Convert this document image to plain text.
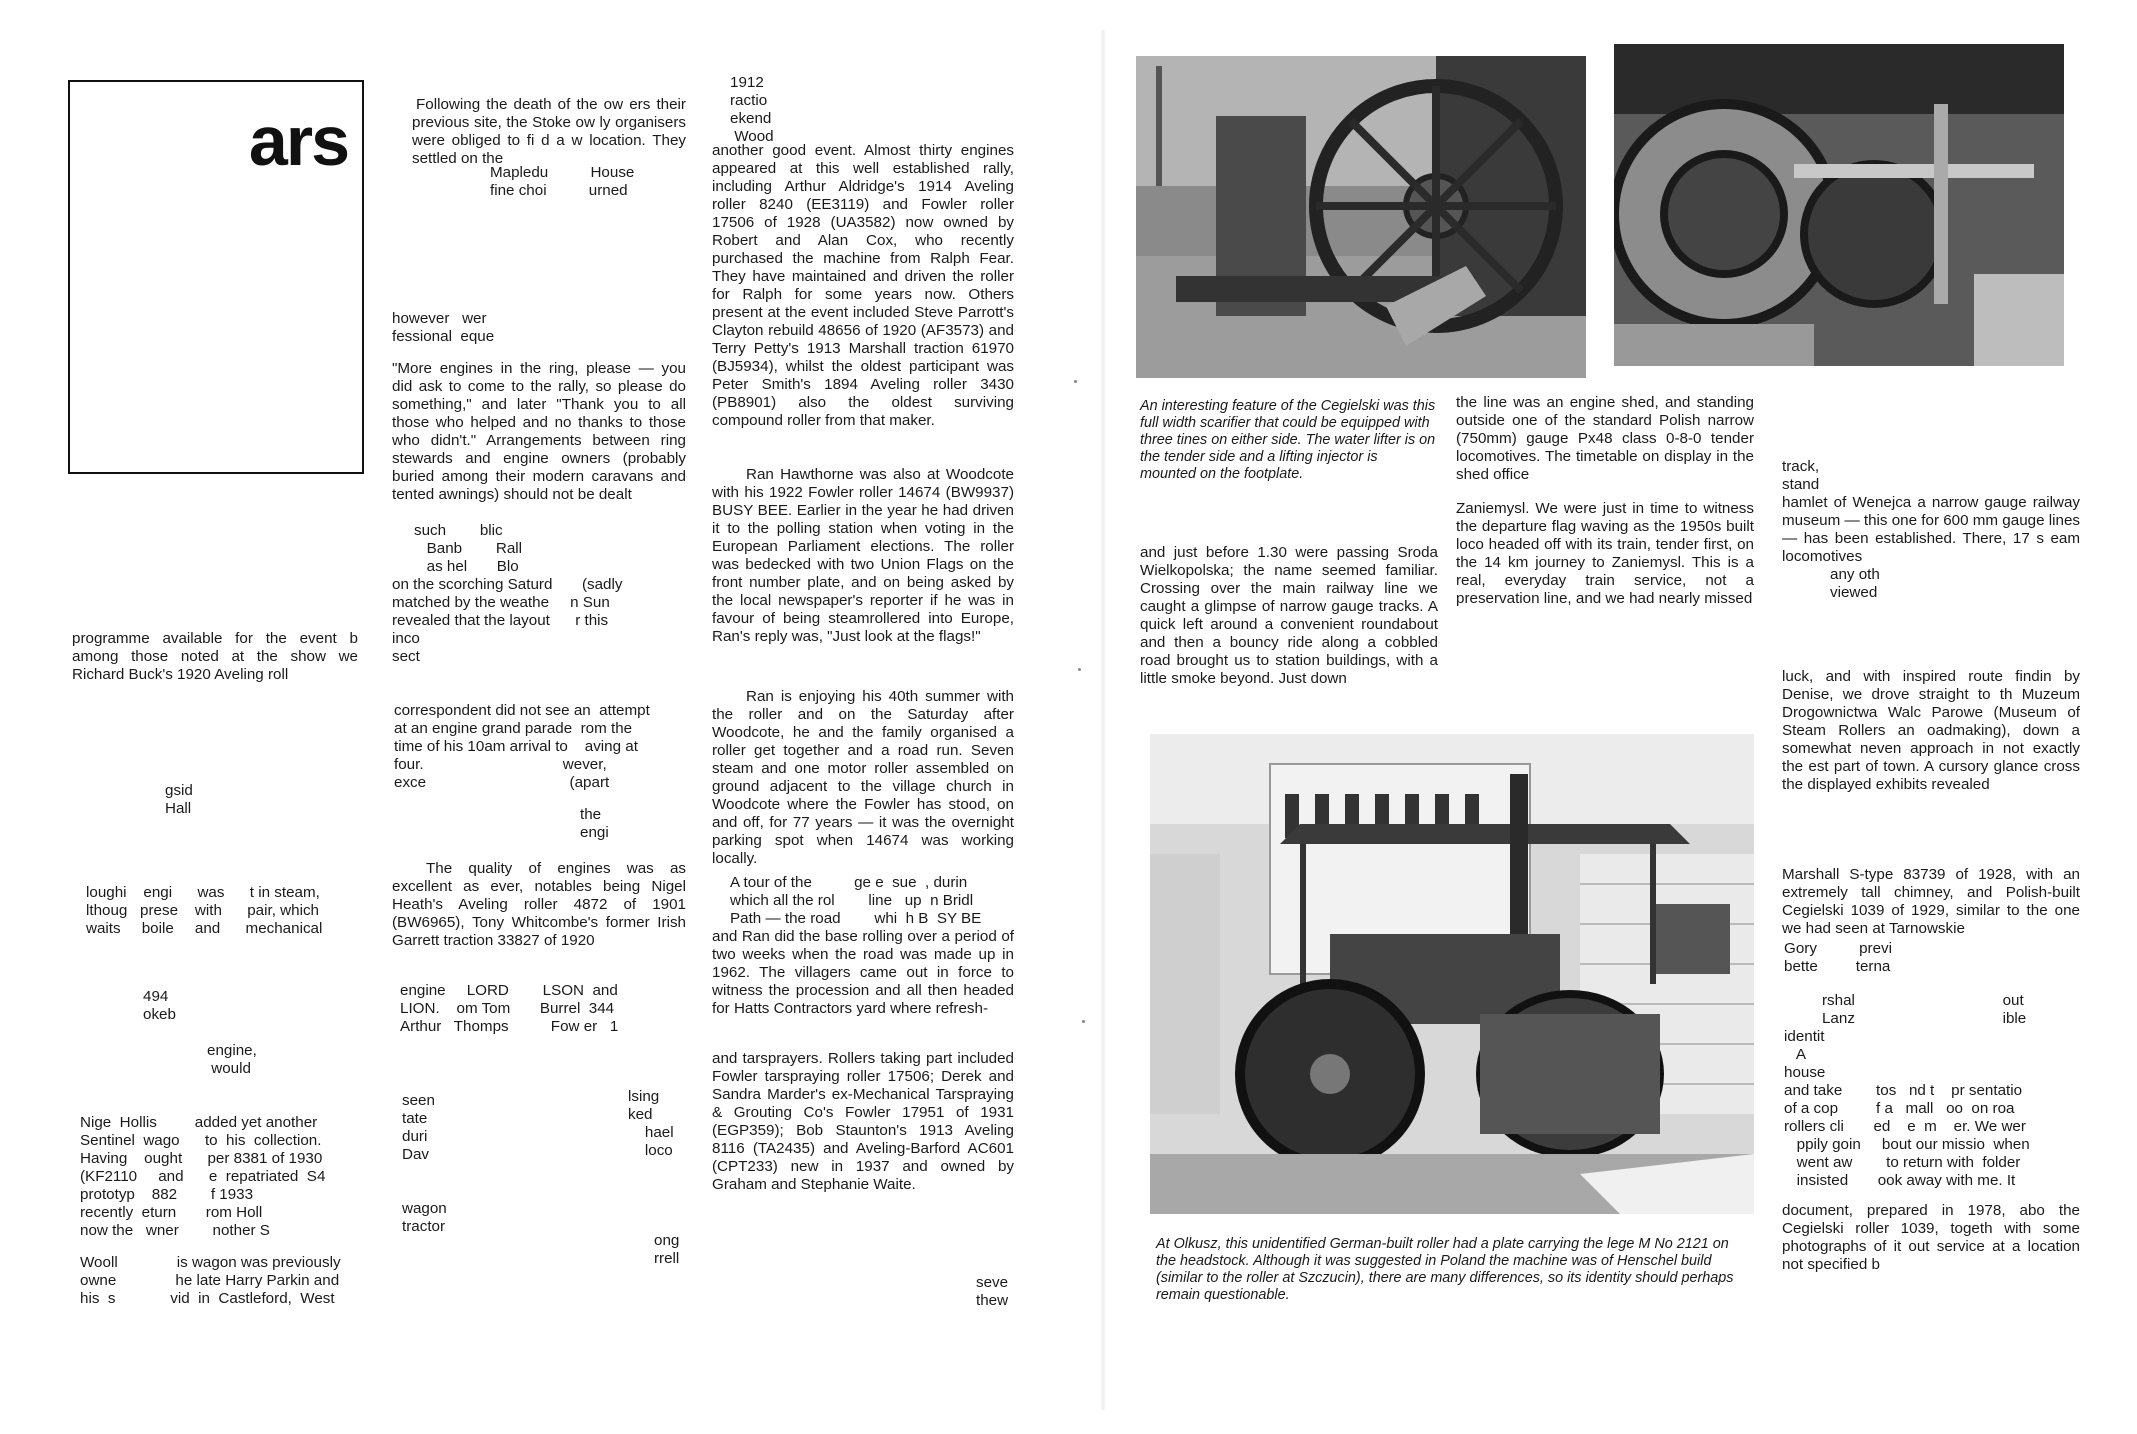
ars

programme available for the event b among those noted at the show we Richard Buck's 1920 Aveling roll

gsid
Hall
loughi    engi      was      t in steam,
lthoug   prese    with      pair, which
waits     boile     and      mechanical
494
okeb
engine,
would
Nige  Hollis         added yet another
Sentinel  wago      to  his  collection.
Having    ought      per 8381 of 1930
(KF2110     and      e  repatriated  S4
prototyp    882        f 1933
recently  eturn       rom Holl
now the   wner        nother S
Wooll              is wagon was previously
owne              he late Harry Parkin and
his  s             vid  in  Castleford,  West

Following the death of the ow ers their previous site, the Stoke ow ly organisers were obliged to fi d a w location. They settled on the

Mapledu          House
fine choi          urned
however   wer
fessional  eque

"More engines in the ring, please — you did ask to come to the rally, so please do something," and later "Thank you to all those who helped and no thanks to those who didn't." Arrangements between ring stewards and engine owners (probably buried among their modern caravans and tented awnings) should not be dealt

such        blic
Banb        Rall
as hel       Blo
on the scorching Saturd       (sadly
matched by the weathe     n Sun
revealed that the layout      r this
inco
sect
correspondent did not see an  attempt
at an engine grand parade  rom the
time of his 10am arrival to    aving at
four.                                 wever,
exce                                  (apart
the
engi

The quality of engines was as excellent as ever, notables being Nigel Heath's Aveling roller 4872 of 1901 (BW6965), Tony Whitcombe's former Irish Garrett traction 33827 of 1920

engine     LORD        LSON  and
LION.    om Tom       Burrel  344
Arthur   Thomps          Fow er   1
seen
tate
duri
Dav
lsing
ked
hael
loco
wagon
tractor
ong
rrell
1912
ractio
ekend
Wood

another good event. Almost thirty engines appeared at this well established rally, including Arthur Aldridge's 1914 Aveling roller 8240 (EE3119) and Fowler roller 17506 of 1928 (UA3582) now owned by Robert and Alan Cox, who recently purchased the machine from Ralph Fear. They have maintained and driven the roller for Ralph for some years now. Others present at the event included Steve Parrott's Clayton rebuild 48656 of 1920 (AF3573) and Terry Petty's 1913 Marshall traction 61970 (BJ5934), whilst the oldest participant was Peter Smith's 1894 Aveling roller 3430 (PB8901) also the oldest surviving compound roller from that maker.

Ran Hawthorne was also at Woodcote with his 1922 Fowler roller 14674 (BW9937) BUSY BEE. Earlier in the year he had driven it to the polling station when voting in the European Parliament elections. The roller was bedecked with two Union Flags on the front number plate, and on being asked by the local newspaper's reporter if he was in favour of being steamrollered into Europe, Ran's reply was, "Just look at the flags!"

Ran is enjoying his 40th summer with the roller and on the Saturday after Woodcote, he and the family organised a roller get together and a road run. Seven steam and one motor roller assembled on ground adjacent to the village church in Woodcote where the Fowler has stood, on and off, for 77 years — it was the overnight parking spot when 14674 was working locally.

A tour of the          ge e  sue  , durin
which all the rol        line   up  n Bridl
Path — the road        whi  h B  SY BE

and Ran did the base rolling over a period of two weeks when the road was made up in 1962. The villagers came out in force to witness the procession and all then headed for Hatts Contractors yard where refresh-

and tarsprayers. Rollers taking part included Fowler tarspraying roller 17506; Derek and Sandra Marder's ex-Mechanical Tarspraying & Grouting Co's Fowler 17951 of 1931 (EGP359); Bob Staunton's 1913 Aveling 8116 (TA2435) and Aveling-Barford AC601 (CPT233) new in 1937 and owned by Graham and Stephanie Waite.

seve
thew

An interesting feature of the Cegielski was this full width scarifier that could be equipped with three tines on either side. The water lifter is on the tender side and a lifting injector is mounted on the footplate.

and just before 1.30 were passing Sroda Wielkopolska; the name seemed familiar. Crossing over the main railway line we caught a glimpse of narrow gauge tracks. A quick left around a convenient roundabout and then a bouncy ride along a cobbled road brought us to station buildings, with a little smoke beyond. Just down

the line was an engine shed, and standing outside one of the standard Polish narrow (750mm) gauge Px48 class 0-8-0 tender locomotives. The timetable on display in the shed office

Zaniemysl. We were just in time to witness the departure flag waving as the 1950s built loco headed off with its train, tender first, on the 14 km journey to Zaniemysl. This is a real, everyday train service, not a preservation line, and we had nearly missed

At Olkusz, this unidentified German-built roller had a plate carrying the lege M No 2121 on the headstock. Although it was suggested in Poland the machine was of Henschel build (similar to the roller at Szczucin), there are many differences, so its identity should perhaps remain questionable.

track,
stand

hamlet of Wenejca a narrow gauge railway museum — this one for 600 mm gauge lines — has been established. There, 17 s eam locomotives

any oth
viewed

luck, and with inspired route findin by Denise, we drove straight to th Muzeum Drogownictwa Walc Parowe (Museum of Steam Rollers an oadmaking), down a somewhat neven approach in not exactly the est part of town. A cursory glance cross the displayed exhibits revealed

Marshall S-type 83739 of 1928, with an extremely tall chimney, and Polish-built Cegielski 1039 of 1929, similar to the one we had seen at Tarnowskie

Gory          previ
bette         terna
rshal                                   out
Lanz                                   ible
identit
A
house
and take        tos   nd t    pr sentatio
of a cop         f a   mall   oo  on roa
rollers cli       ed    e  m    er. We wer
ppily goin     bout our missio  when
went aw        to return with  folder
insisted       ook away with me. It

document, prepared in 1978, abo the Cegielski roller 1039, togeth with some photographs of it out service at a location not specified b
